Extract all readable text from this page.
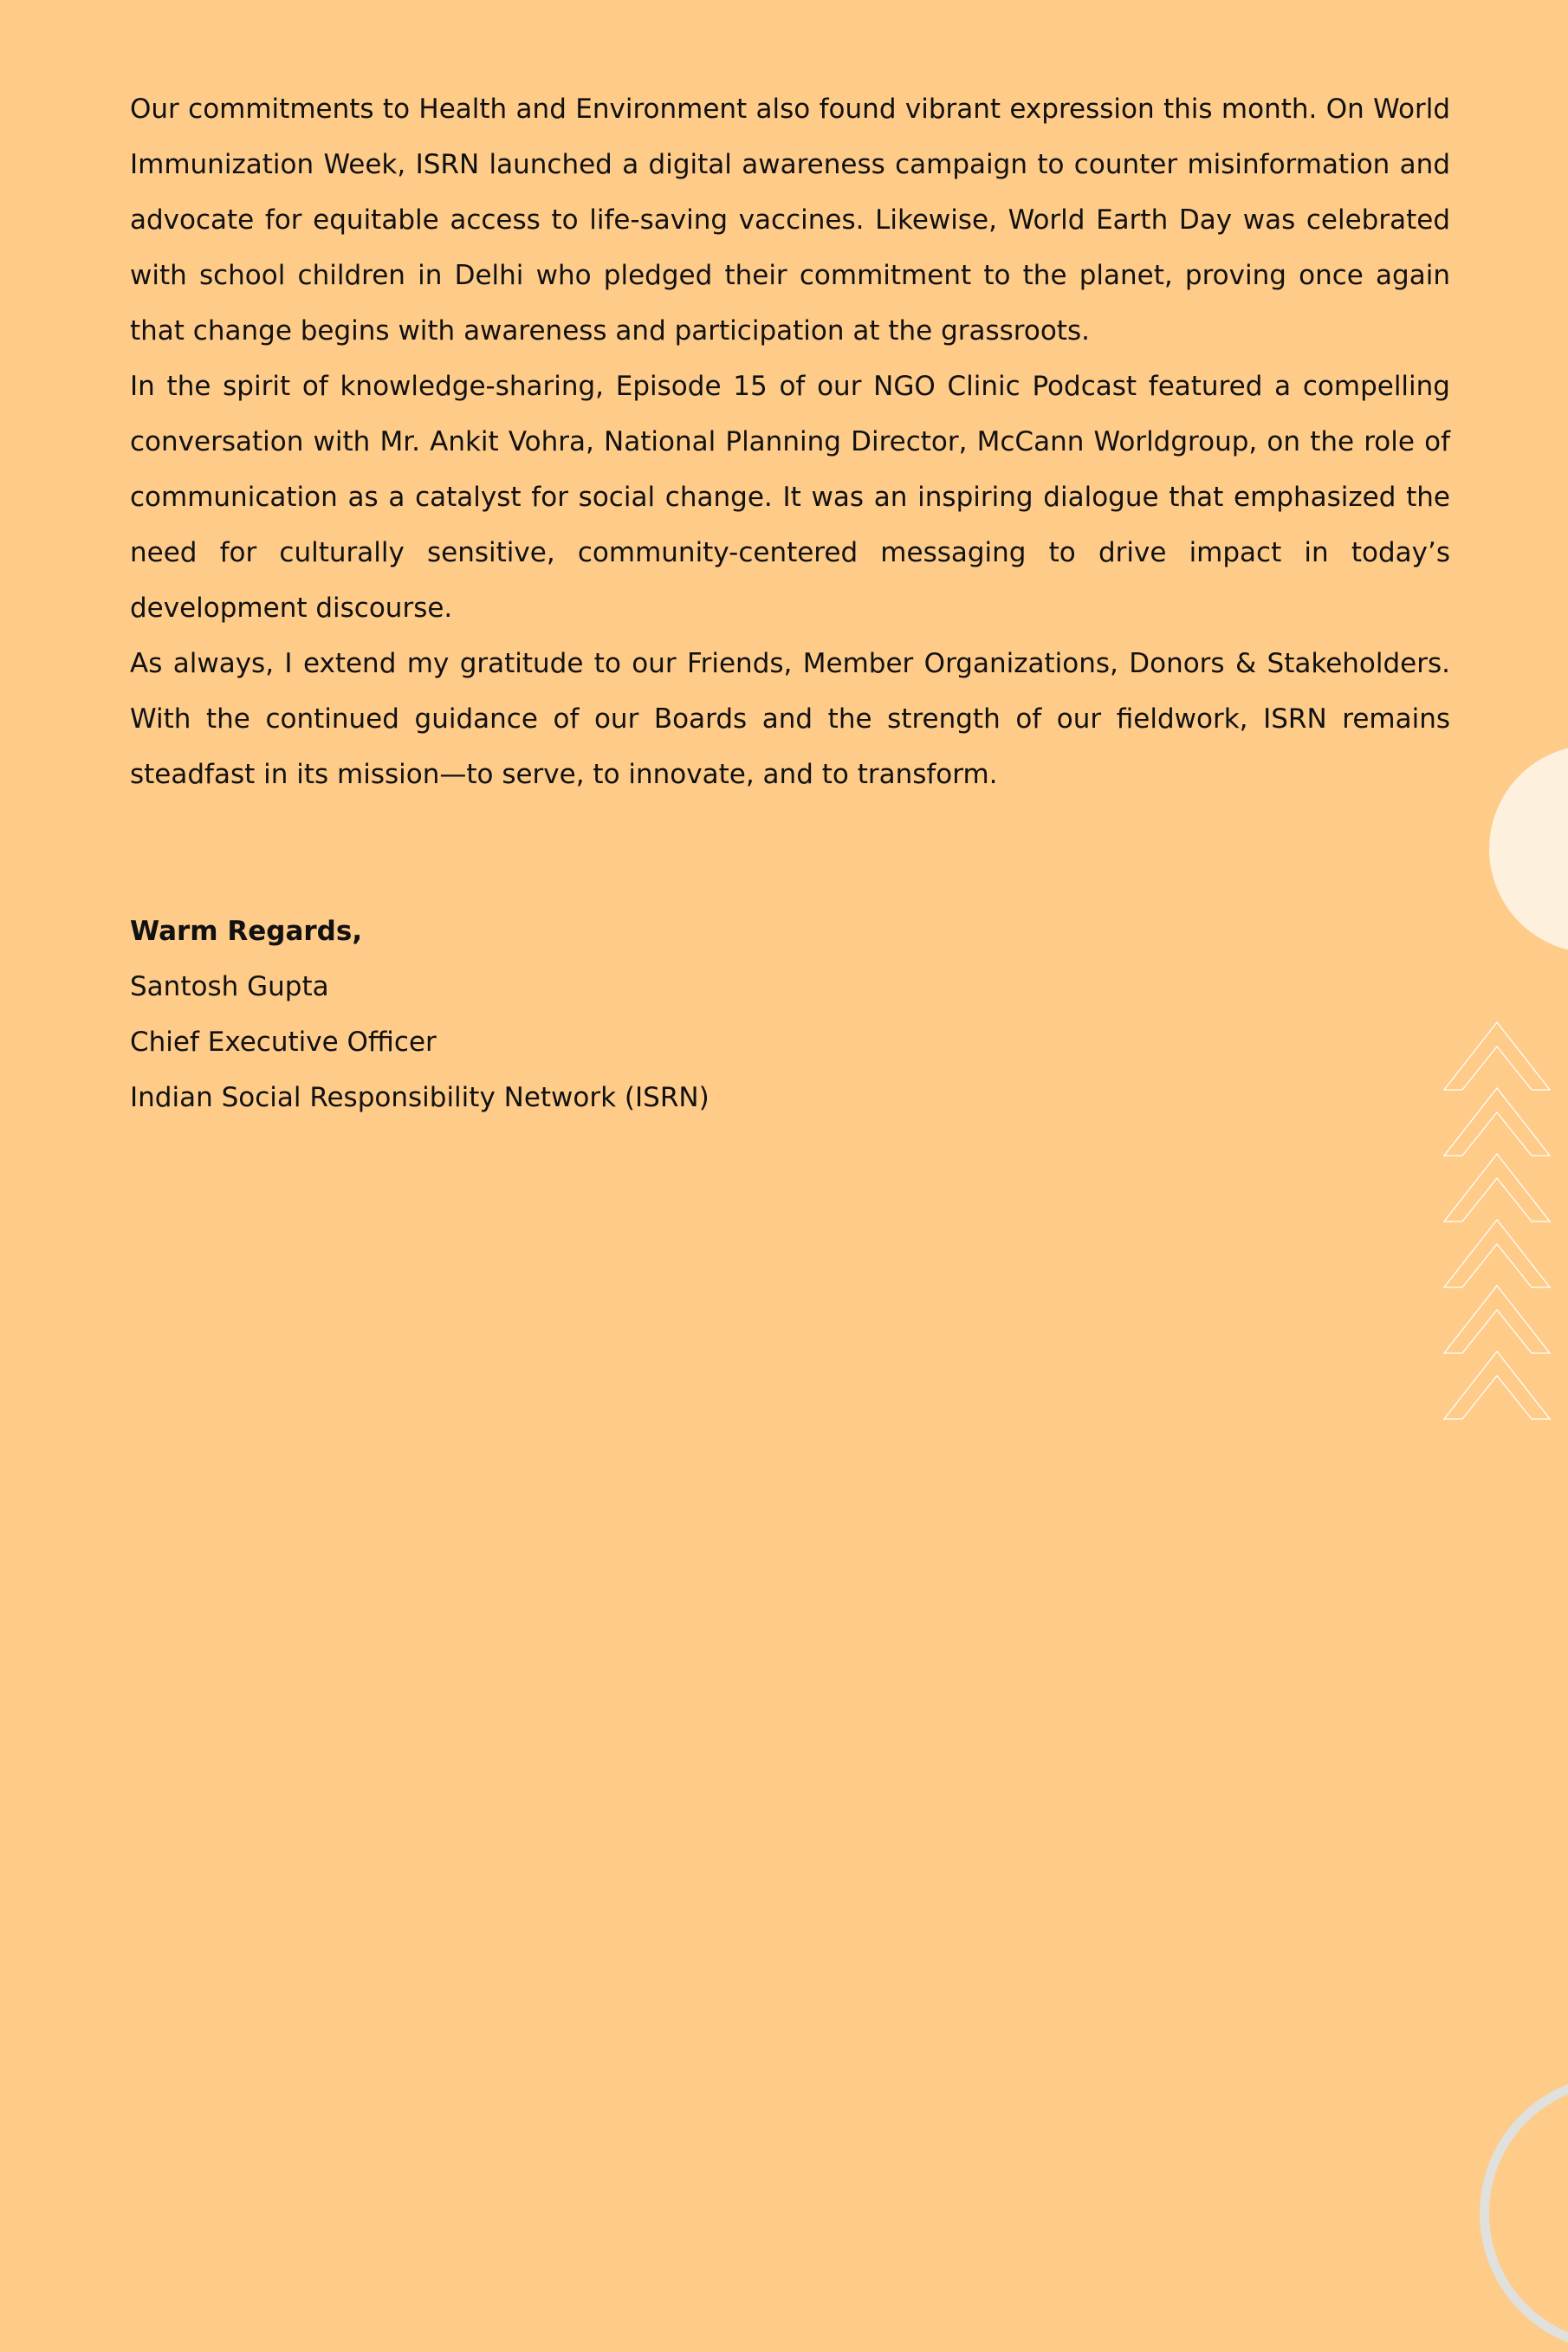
Our commitments to Health and Environment also found vibrant expression this month. On World Immunization Week, ISRN launched a digital awareness campaign to counter misinformation and advocate for equitable access to life-saving vaccines. Likewise, World Earth Day was celebrated with school children in Delhi who pledged their commitment to the planet, proving once again that change begins with awareness and participation at the grassroots.

In the spirit of knowledge-sharing, Episode 15 of our NGO Clinic Podcast featured a compelling conversation with Mr. Ankit Vohra, National Planning Director, McCann Worldgroup, on the role of communication as a catalyst for social change. It was an inspiring dialogue that emphasized the need for culturally sensitive, community-centered messaging to drive impact in today’s development discourse.

As always, I extend my gratitude to our Friends, Member Organizations, Donors & Stakeholders. With the continued guidance of our Boards and the strength of our fieldwork, ISRN remains steadfast in its mission—to serve, to innovate, and to transform.

Warm Regards,
Santosh Gupta
Chief Executive Officer
Indian Social Responsibility Network (ISRN)
